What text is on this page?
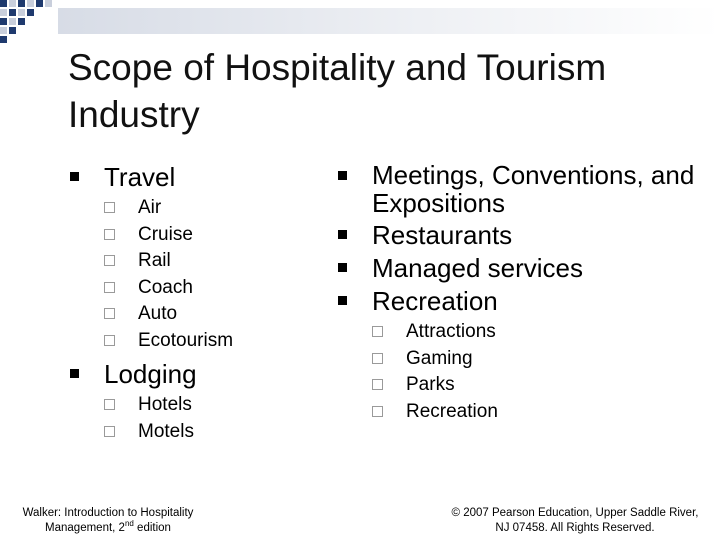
Scope of Hospitality and Tourism Industry
Travel
Air
Cruise
Rail
Coach
Auto
Ecotourism
Lodging
Hotels
Motels
Meetings, Conventions, and Expositions
Restaurants
Managed services
Recreation
Attractions
Gaming
Parks
Recreation
Walker: Introduction to Hospitality
Management, 2nd edition
© 2007 Pearson Education, Upper Saddle River,
NJ 07458. All Rights Reserved.
